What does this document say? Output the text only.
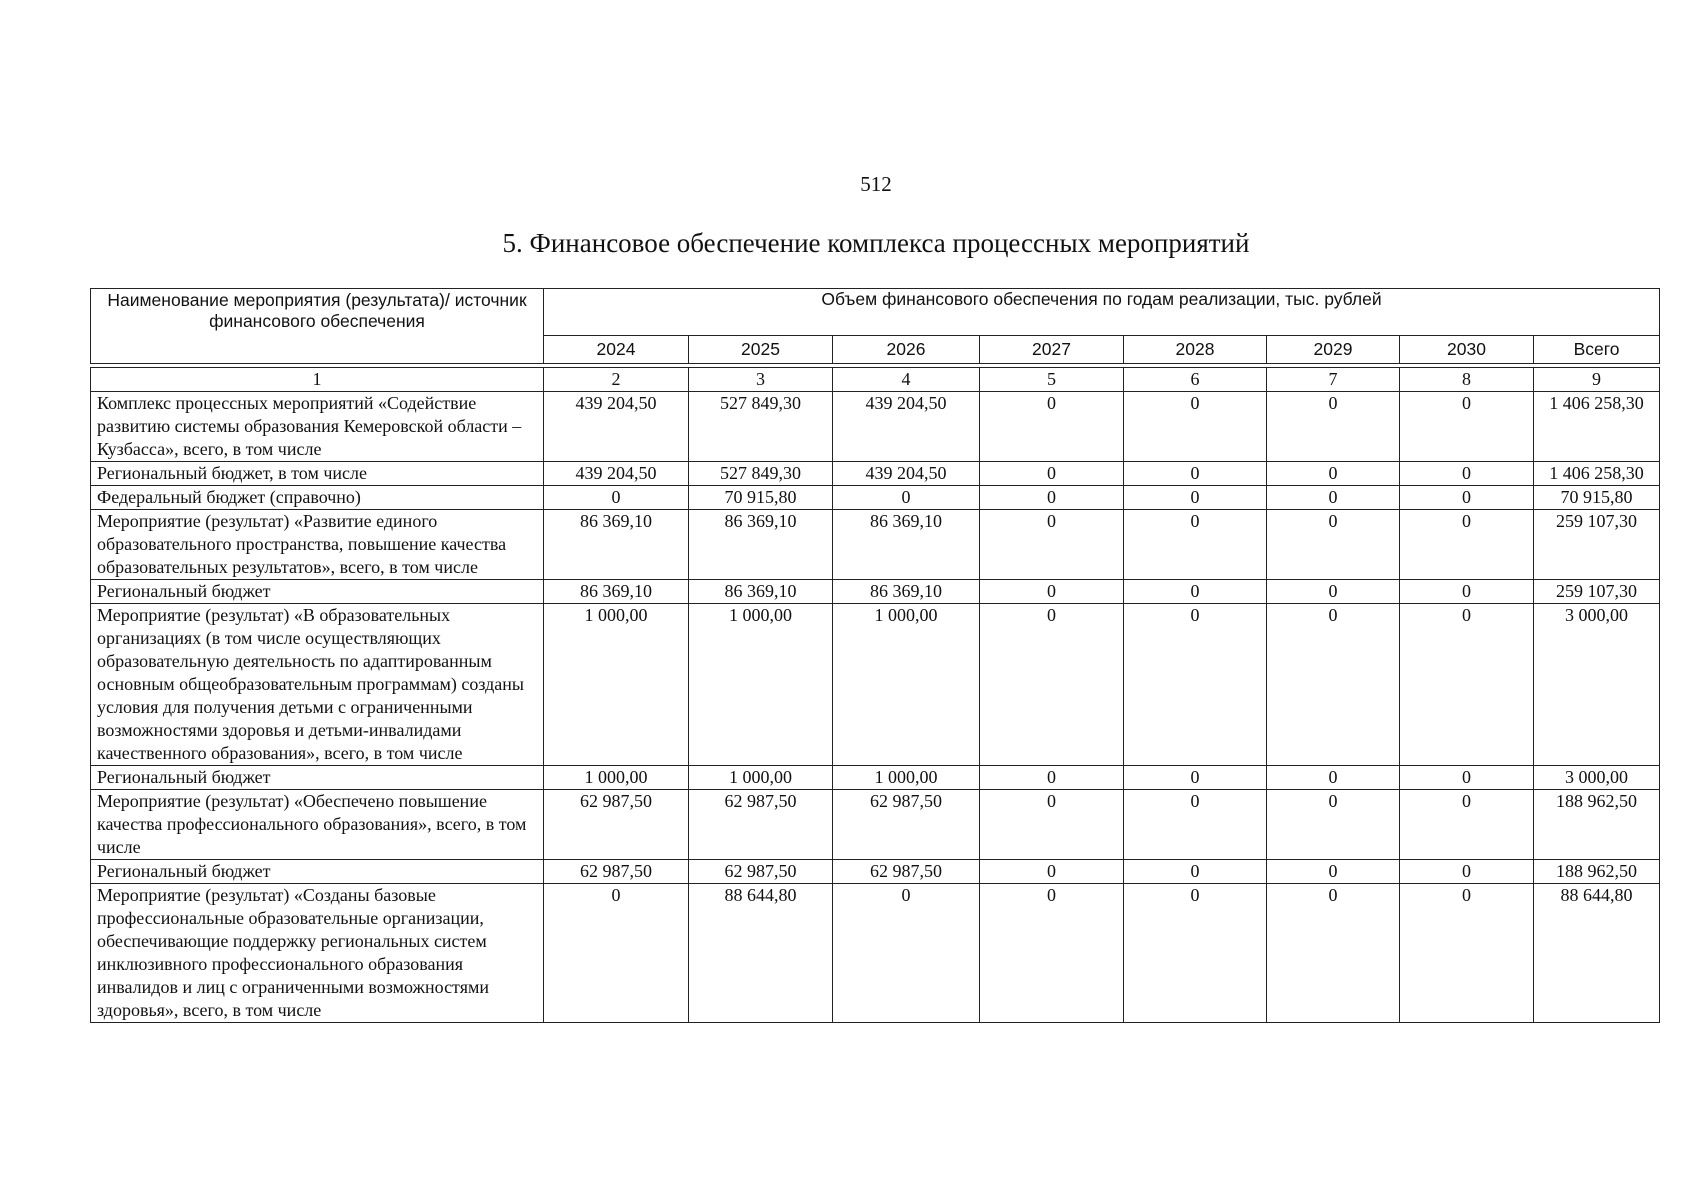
512
5. Финансовое обеспечение комплекса процессных мероприятий
Наименование мероприятия (результата)/ источник финансового обеспечения	Объем финансового обеспечения по годам реализации, тыс. рублей							
	2024	2025	2026	2027	2028	2029	2030	Всего

1	2	3	4	5	6	7	8	9
Комплекс процессных мероприятий «Содействие развитию системы образования Кемеровской области – Кузбасса», всего, в том числе	439 204,50	527 849,30	439 204,50	0	0	0	0	1 406 258,30
Региональный бюджет, в том числе	439 204,50	527 849,30	439 204,50	0	0	0	0	1 406 258,30
Федеральный бюджет (справочно)	0	70 915,80	0	0	0	0	0	70 915,80
Мероприятие (результат) «Развитие единого образовательного пространства, повышение качества образовательных результатов», всего, в том числе	86 369,10	86 369,10	86 369,10	0	0	0	0	259 107,30
Региональный бюджет	86 369,10	86 369,10	86 369,10	0	0	0	0	259 107,30
Мероприятие (результат) «В образовательных организациях (в том числе осуществляющих образовательную деятельность по адаптированным основным общеобразовательным программам) созданы условия для получения детьми с ограниченными возможностями здоровья и детьми-инвалидами качественного образования», всего, в том числе	1 000,00	1 000,00	1 000,00	0	0	0	0	3 000,00
Региональный бюджет	1 000,00	1 000,00	1 000,00	0	0	0	0	3 000,00
Мероприятие (результат) «Обеспечено повышение качества профессионального образования», всего, в том числе	62 987,50	62 987,50	62 987,50	0	0	0	0	188 962,50
Региональный бюджет	62 987,50	62 987,50	62 987,50	0	0	0	0	188 962,50
Мероприятие (результат) «Созданы базовые профессиональные образовательные организации, обеспечивающие поддержку региональных систем инклюзивного профессионального образования инвалидов и лиц с ограниченными возможностями здоровья», всего, в том числе	0	88 644,80	0	0	0	0	0	88 644,80
